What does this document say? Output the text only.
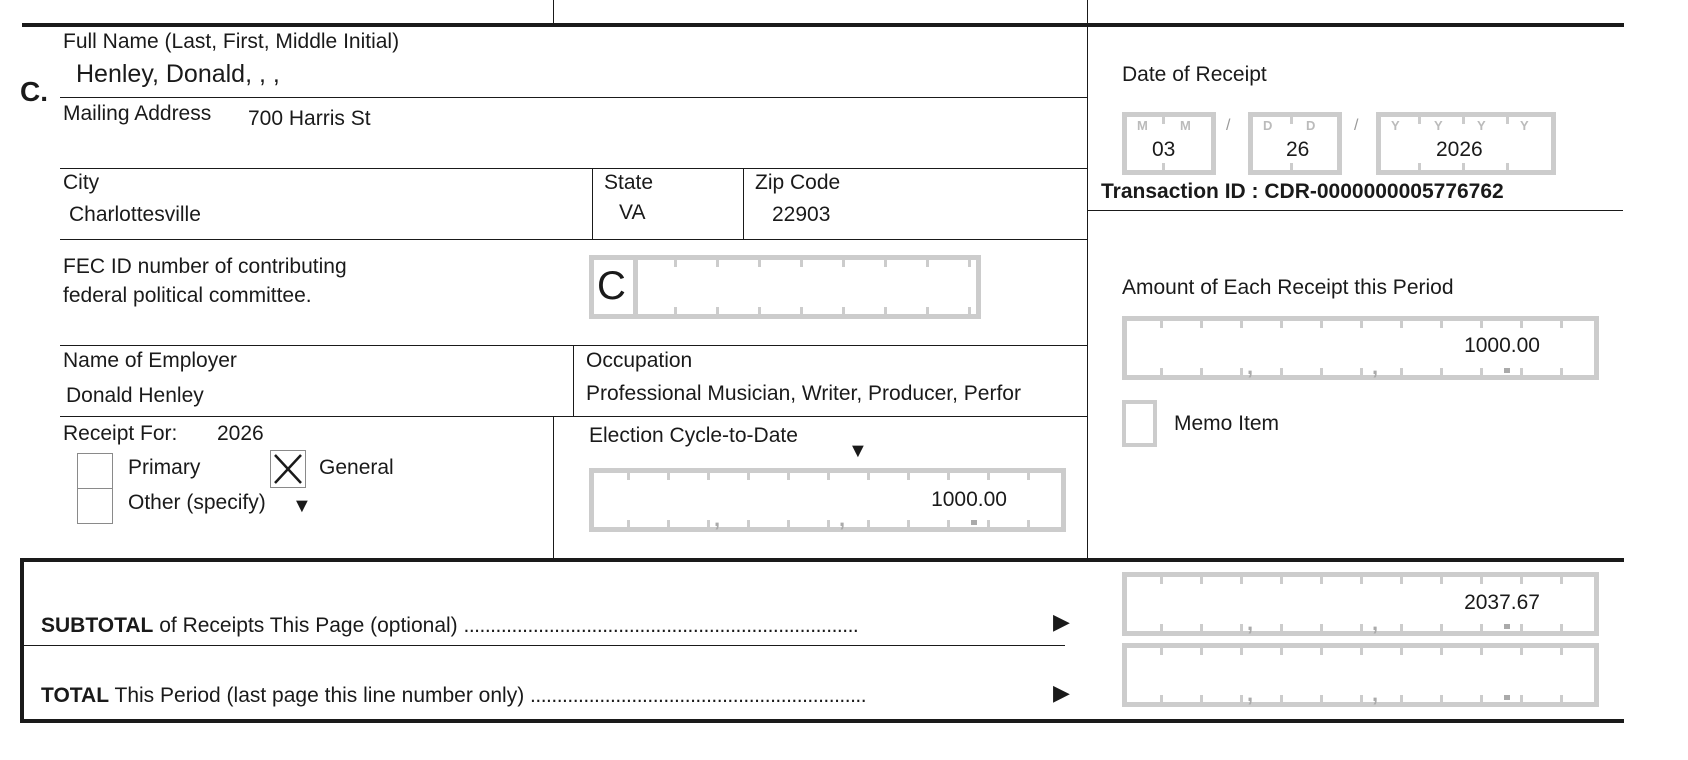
C.
Full Name (Last, First, Middle Initial)
Henley, Donald, , ,
Mailing Address 700 Harris St
City
Charlottesville
State
VA
Zip Code
22903
FEC ID number of contributing
federal political committee.	C
Name of Employer
Donald Henley
Occupation
Professional Musician, Writer, Producer, Perfor
Receipt For: 2026
Primary	General
Other (specify) ▼
Election Cycle-to-Date
▼
1000.00
Date of Receipt
/	/
M M	D	D	Y	Y	Y	Y
03	26	2026
Transaction ID : CDR-0000000005776762
Amount of Each Receipt this Period
1000.00
Memo Item
SUBTOTAL of Receipts This Page (optional) ..........................................................................	▶
2037.67
TOTAL This Period (last page this line number only) ...............................................................	▶
,	,
,	,
,	,
,	,
